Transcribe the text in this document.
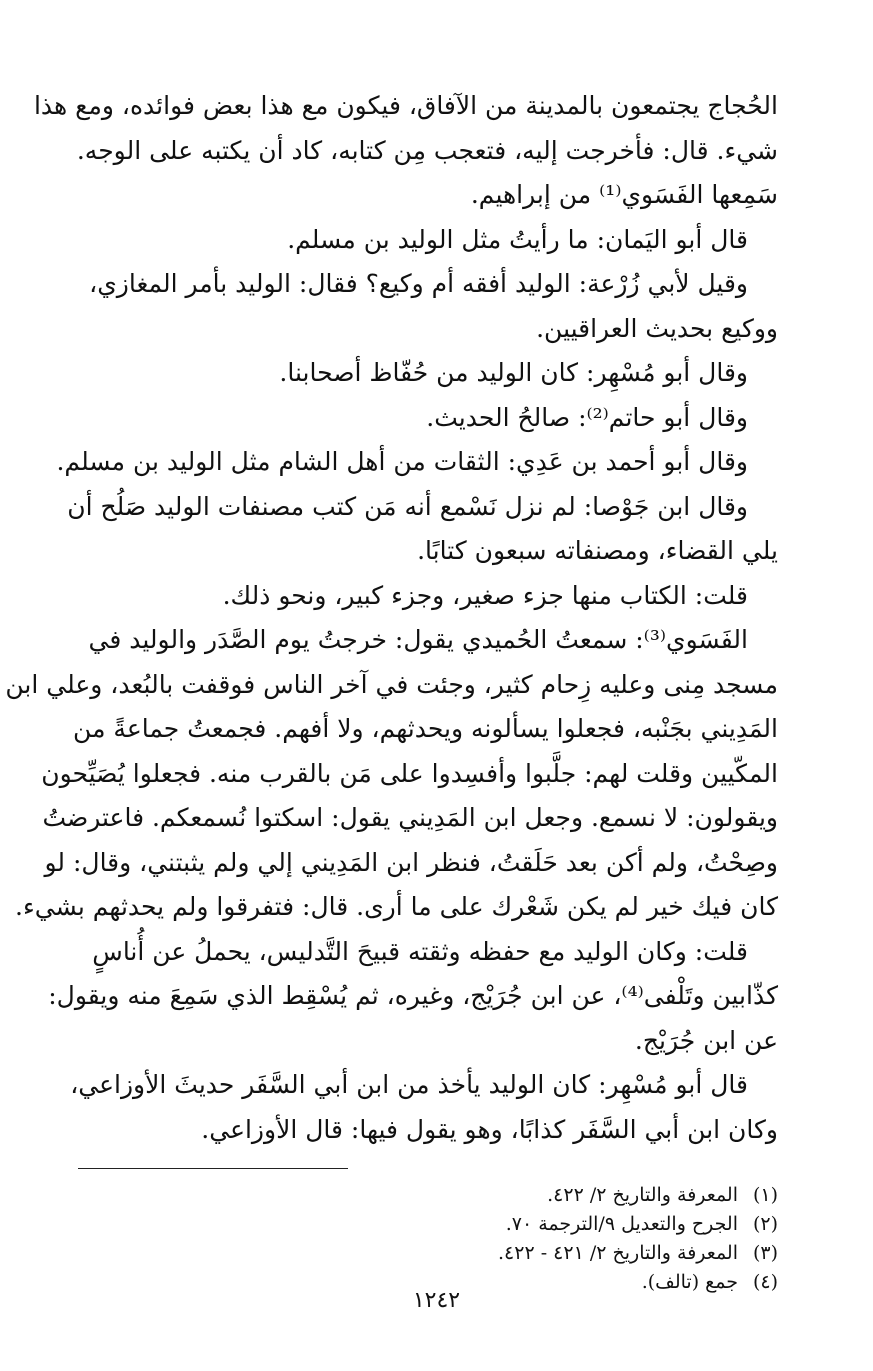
الحُجاج يجتمعون بالمدينة من الآفاق، فيكون مع هذا بعض فوائده، ومع هذا

شيء. قال: فأخرجت إليه، فتعجب مِن كتابه، كاد أن يكتبه على الوجه.

سَمِعها الفَسَوي⁽¹⁾ من إبراهيم.

قال أبو اليَمان: ما رأيتُ مثل الوليد بن مسلم.

وقيل لأبي زُرْعة: الوليد أفقه أم وكيع؟ فقال: الوليد بأمر المغازي،

ووكيع بحديث العراقيين.

وقال أبو مُسْهِر: كان الوليد من حُفّاظ أصحابنا.

وقال أبو حاتم⁽²⁾: صالحُ الحديث.

وقال أبو أحمد بن عَدِي: الثقات من أهل الشام مثل الوليد بن مسلم.

وقال ابن جَوْصا: لم نزل نَسْمع أنه مَن كتب مصنفات الوليد صَلُح أن

يلي القضاء، ومصنفاته سبعون كتابًا.

قلت: الكتاب منها جزء صغير، وجزء كبير، ونحو ذلك.

الفَسَوي⁽³⁾: سمعتُ الحُميدي يقول: خرجتُ يوم الصَّدَر والوليد في

مسجد مِنى وعليه زِحام كثير، وجئت في آخر الناس فوقفت بالبُعد، وعلي ابن

المَدِيني بجَنْبه، فجعلوا يسألونه ويحدثهم، ولا أفهم. فجمعتُ جماعةً من

المكّيين وقلت لهم: جلَّبوا وأفسِدوا على مَن بالقرب منه. فجعلوا يُصَيِّحون

ويقولون: لا نسمع. وجعل ابن المَدِيني يقول: اسكتوا نُسمعكم. فاعترضتُ

وصِحْتُ، ولم أكن بعد حَلَقتُ، فنظر ابن المَدِيني إلي ولم يثبتني، وقال: لو

كان فيك خير لم يكن شَعْرك على ما أرى. قال: فتفرقوا ولم يحدثهم بشيء.

قلت: وكان الوليد مع حفظه وثقته قبيحَ التَّدليس، يحملُ عن أُناسٍ

كذّابين وتَلْفى⁽⁴⁾، عن ابن جُرَيْج، وغيره، ثم يُسْقِط الذي سَمِعَ منه ويقول:

عن ابن جُرَيْج.

قال أبو مُسْهِر: كان الوليد يأخذ من ابن أبي السَّفَر حديثَ الأوزاعي،

وكان ابن أبي السَّفَر كذابًا، وهو يقول فيها: قال الأوزاعي.

(١)المعرفة والتاريخ ٢/ ٤٢٢.
(٢)الجرح والتعديل ٩/الترجمة ٧٠.
(٣)المعرفة والتاريخ ٢/ ٤٢١ - ٤٢٢.
(٤)جمع (تالف).
١٢٤٢
